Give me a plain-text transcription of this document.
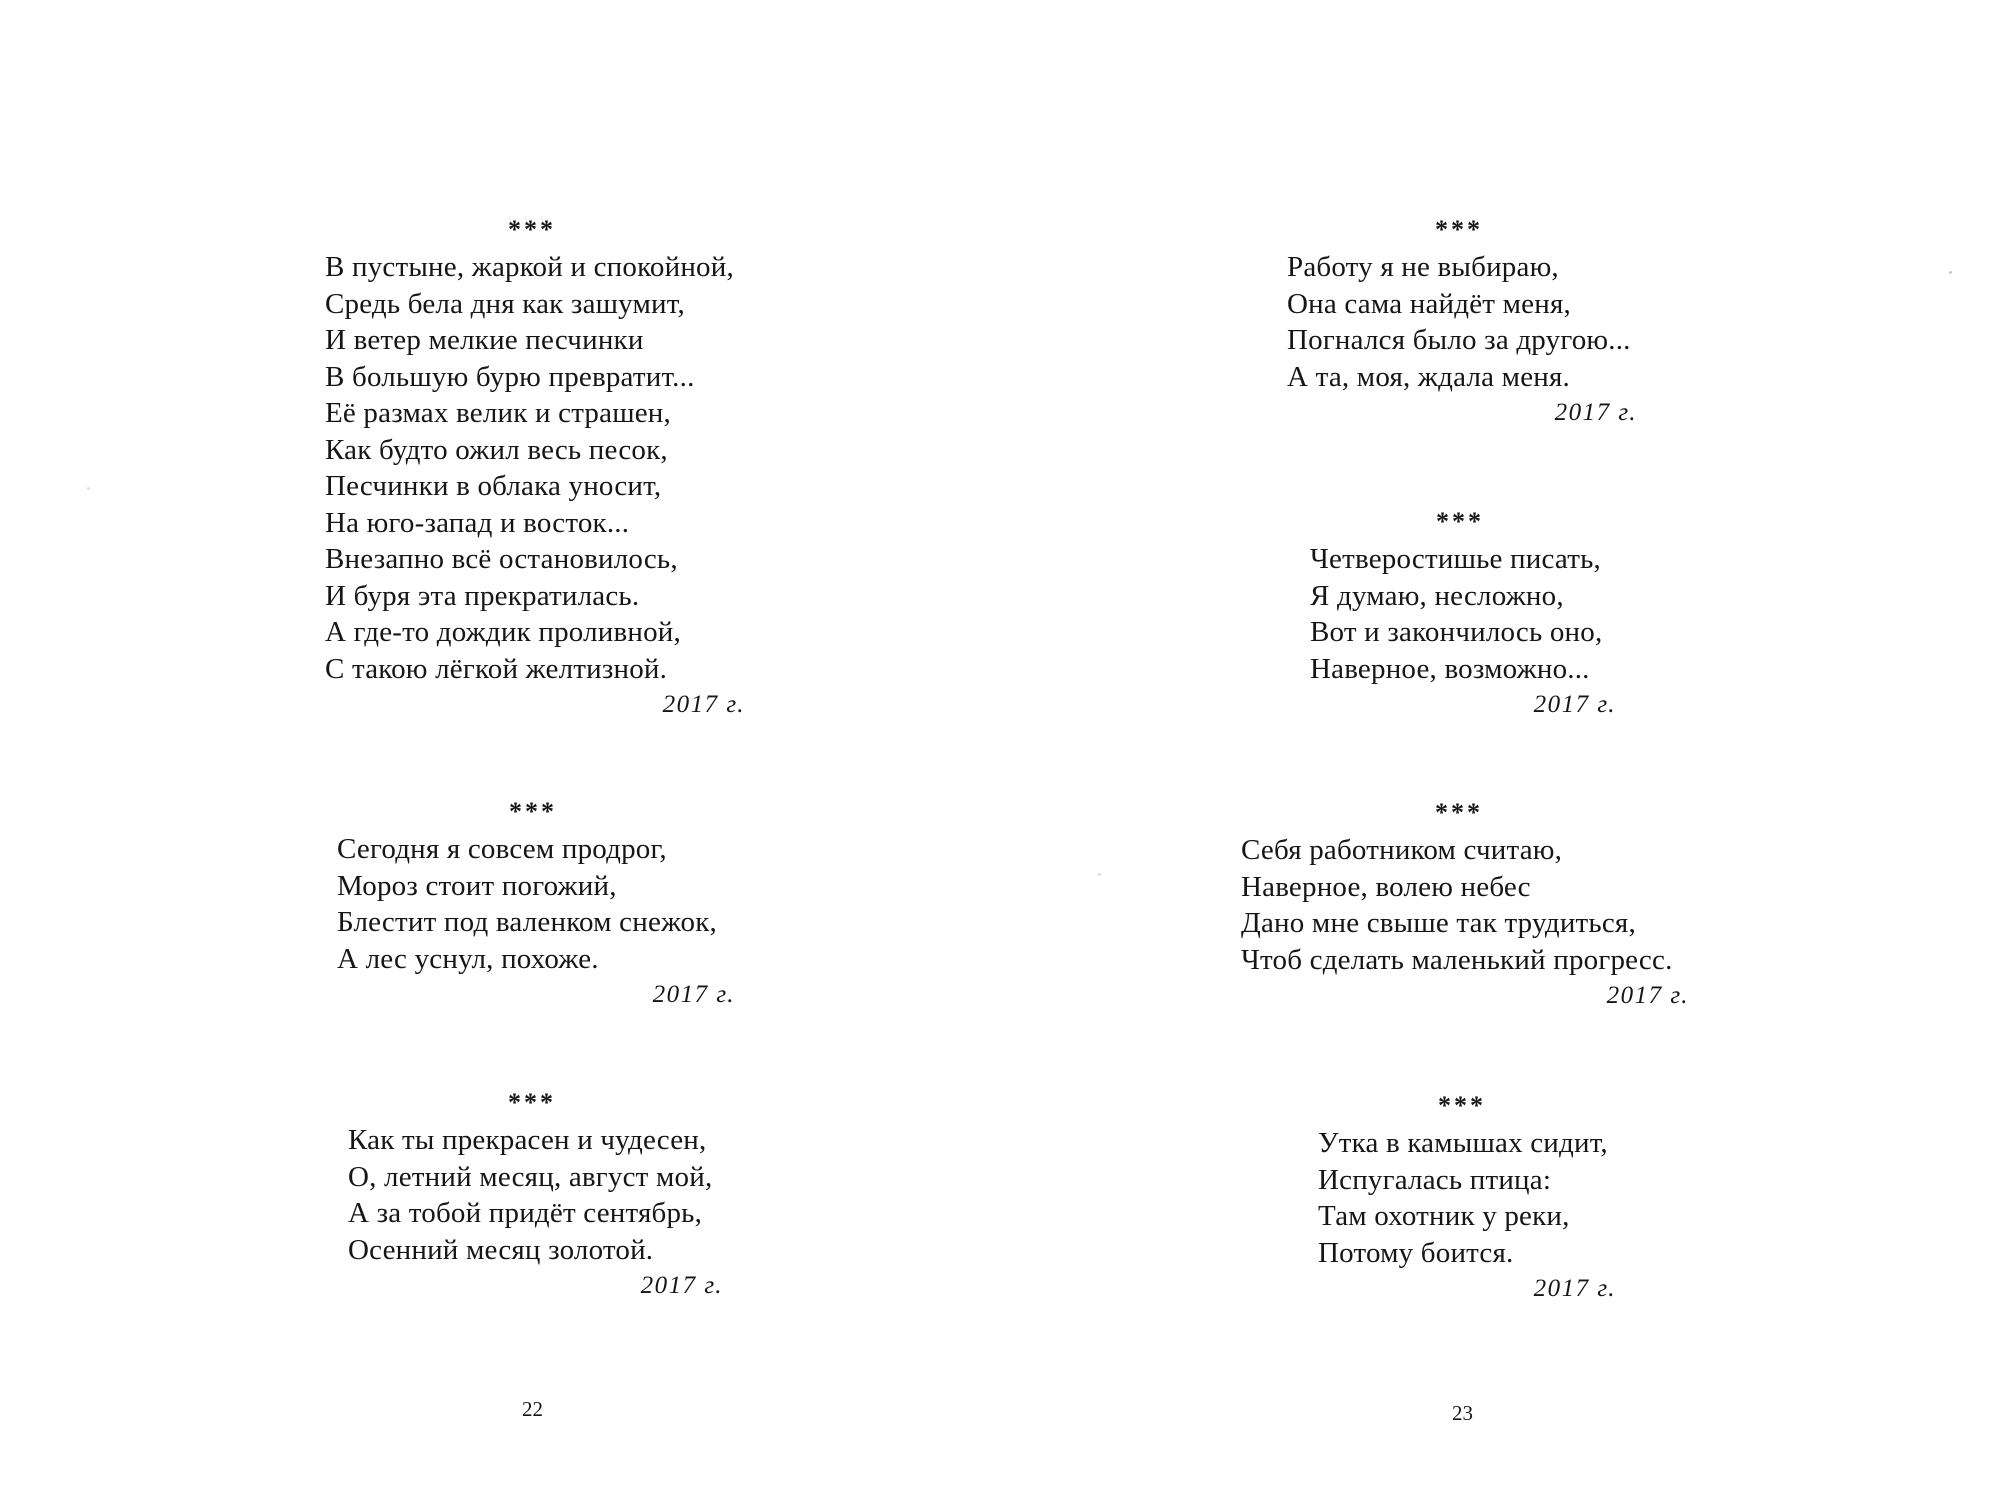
***
В пустыне, жаркой и спокойной,
Средь бела дня как зашумит,
И ветер мелкие песчинки
В большую бурю превратит...
Её размах велик и страшен,
Как будто ожил весь песок,
Песчинки в облака уносит,
На юго-запад и восток...
Внезапно всё остановилось,
И буря эта прекратилась.
А где-то дождик проливной,
С такою лёгкой желтизной.
2017 г.
***
Сегодня я совсем продрог,
Мороз стоит погожий,
Блестит под валенком снежок,
А лес уснул, похоже.
2017 г.
***
Как ты прекрасен и чудесен,
О, летний месяц, август мой,
А за тобой придёт сентябрь,
Осенний месяц золотой.
2017 г.
22
***
Работу я не выбираю,
Она сама найдёт меня,
Погнался было за другою...
А та, моя, ждала меня.
2017 г.
***
Четверостишье писать,
Я думаю, несложно,
Вот и закончилось оно,
Наверное, возможно...
2017 г.
***
Себя работником считаю,
Наверное, волею небес
Дано мне свыше так трудиться,
Чтоб сделать маленький прогресс.
2017 г.
***
Утка в камышах сидит,
Испугалась птица:
Там охотник у реки,
Потому боится.
2017 г.
23
